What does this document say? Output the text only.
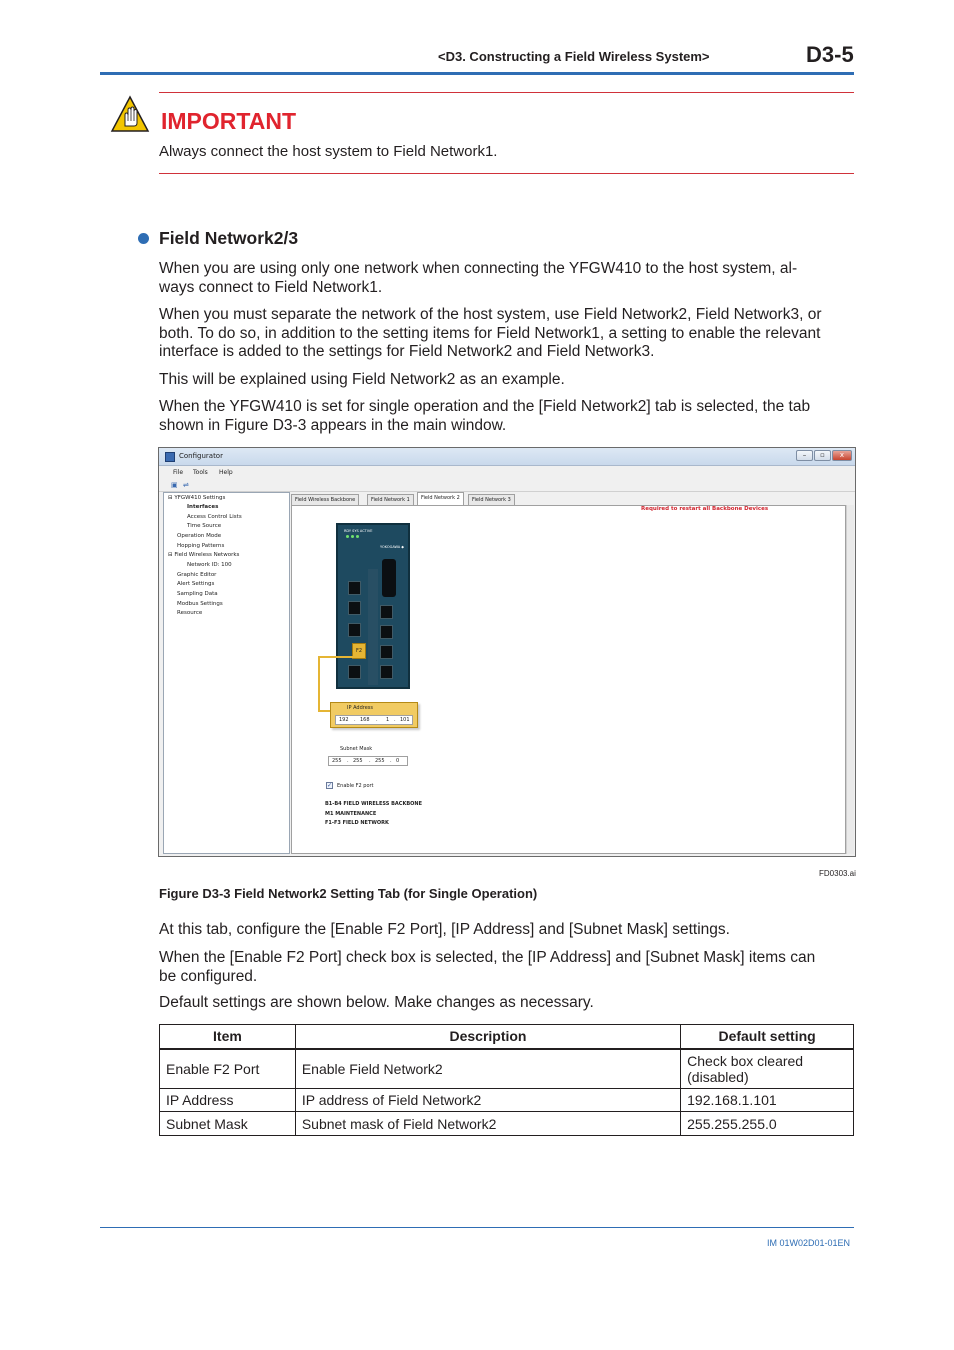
<D3. Constructing a Field Wireless System>	D3-5
IMPORTANT
Always connect the host system to Field Network1.
Field Network2/3
When you are using only one network when connecting the YFGW410 to the host system, al-
ways connect to Field Network1.
When you must separate the network of the host system, use Field Network2, Field Network3, or
both. To do so, in addition to the setting items for Field Network1, a setting to enable the relevant
interface is added to the settings for Field Network2 and Field Network3.
This will be explained using Field Network2 as an example.
When the YFGW410 is set for single operation and the [Field Network2] tab is selected, the tab
shown in Figure D3-3 appears in the main window.
Configurator	–	▫	x
File Tools Help
▣ ⇌
⊟ YFGW410 Settings
Interfaces
Access Control Lists
Time Source
Operation Mode
Hopping Patterns
⊟ Field Wireless Networks
Network ID: 100
Graphic Editor
Alert Settings
Sampling Data
Modbus Settings
Resource
Field Wireless Backbone	Field Network 1	Field Network 2	Field Network 3
Required to restart all Backbone Devices
RDY SYS ACTIVE
YOKOGAWA ◆
F2
IP Address
192 . 168 . 1 . 101
Subnet Mask
255 . 255 . 255 . 0
✓ Enable F2 port
B1-B4 FIELD WIRELESS BACKBONE
M1 MAINTENANCE
F1-F3 FIELD NETWORK
FD0303.ai
Figure D3-3 Field Network2 Setting Tab (for Single Operation)
At this tab, configure the [Enable F2 Port], [IP Address] and [Subnet Mask] settings.
When the [Enable F2 Port] check box is selected, the [IP Address] and [Subnet Mask] items can
be configured.
Default settings are shown below. Make changes as necessary.
Item	Description	Default setting
Enable F2 Port	Enable Field Network2	Check box cleared (disabled)
IP Address	IP address of Field Network2	192.168.1.101
Subnet Mask	Subnet mask of Field Network2	255.255.255.0
IM 01W02D01-01EN
